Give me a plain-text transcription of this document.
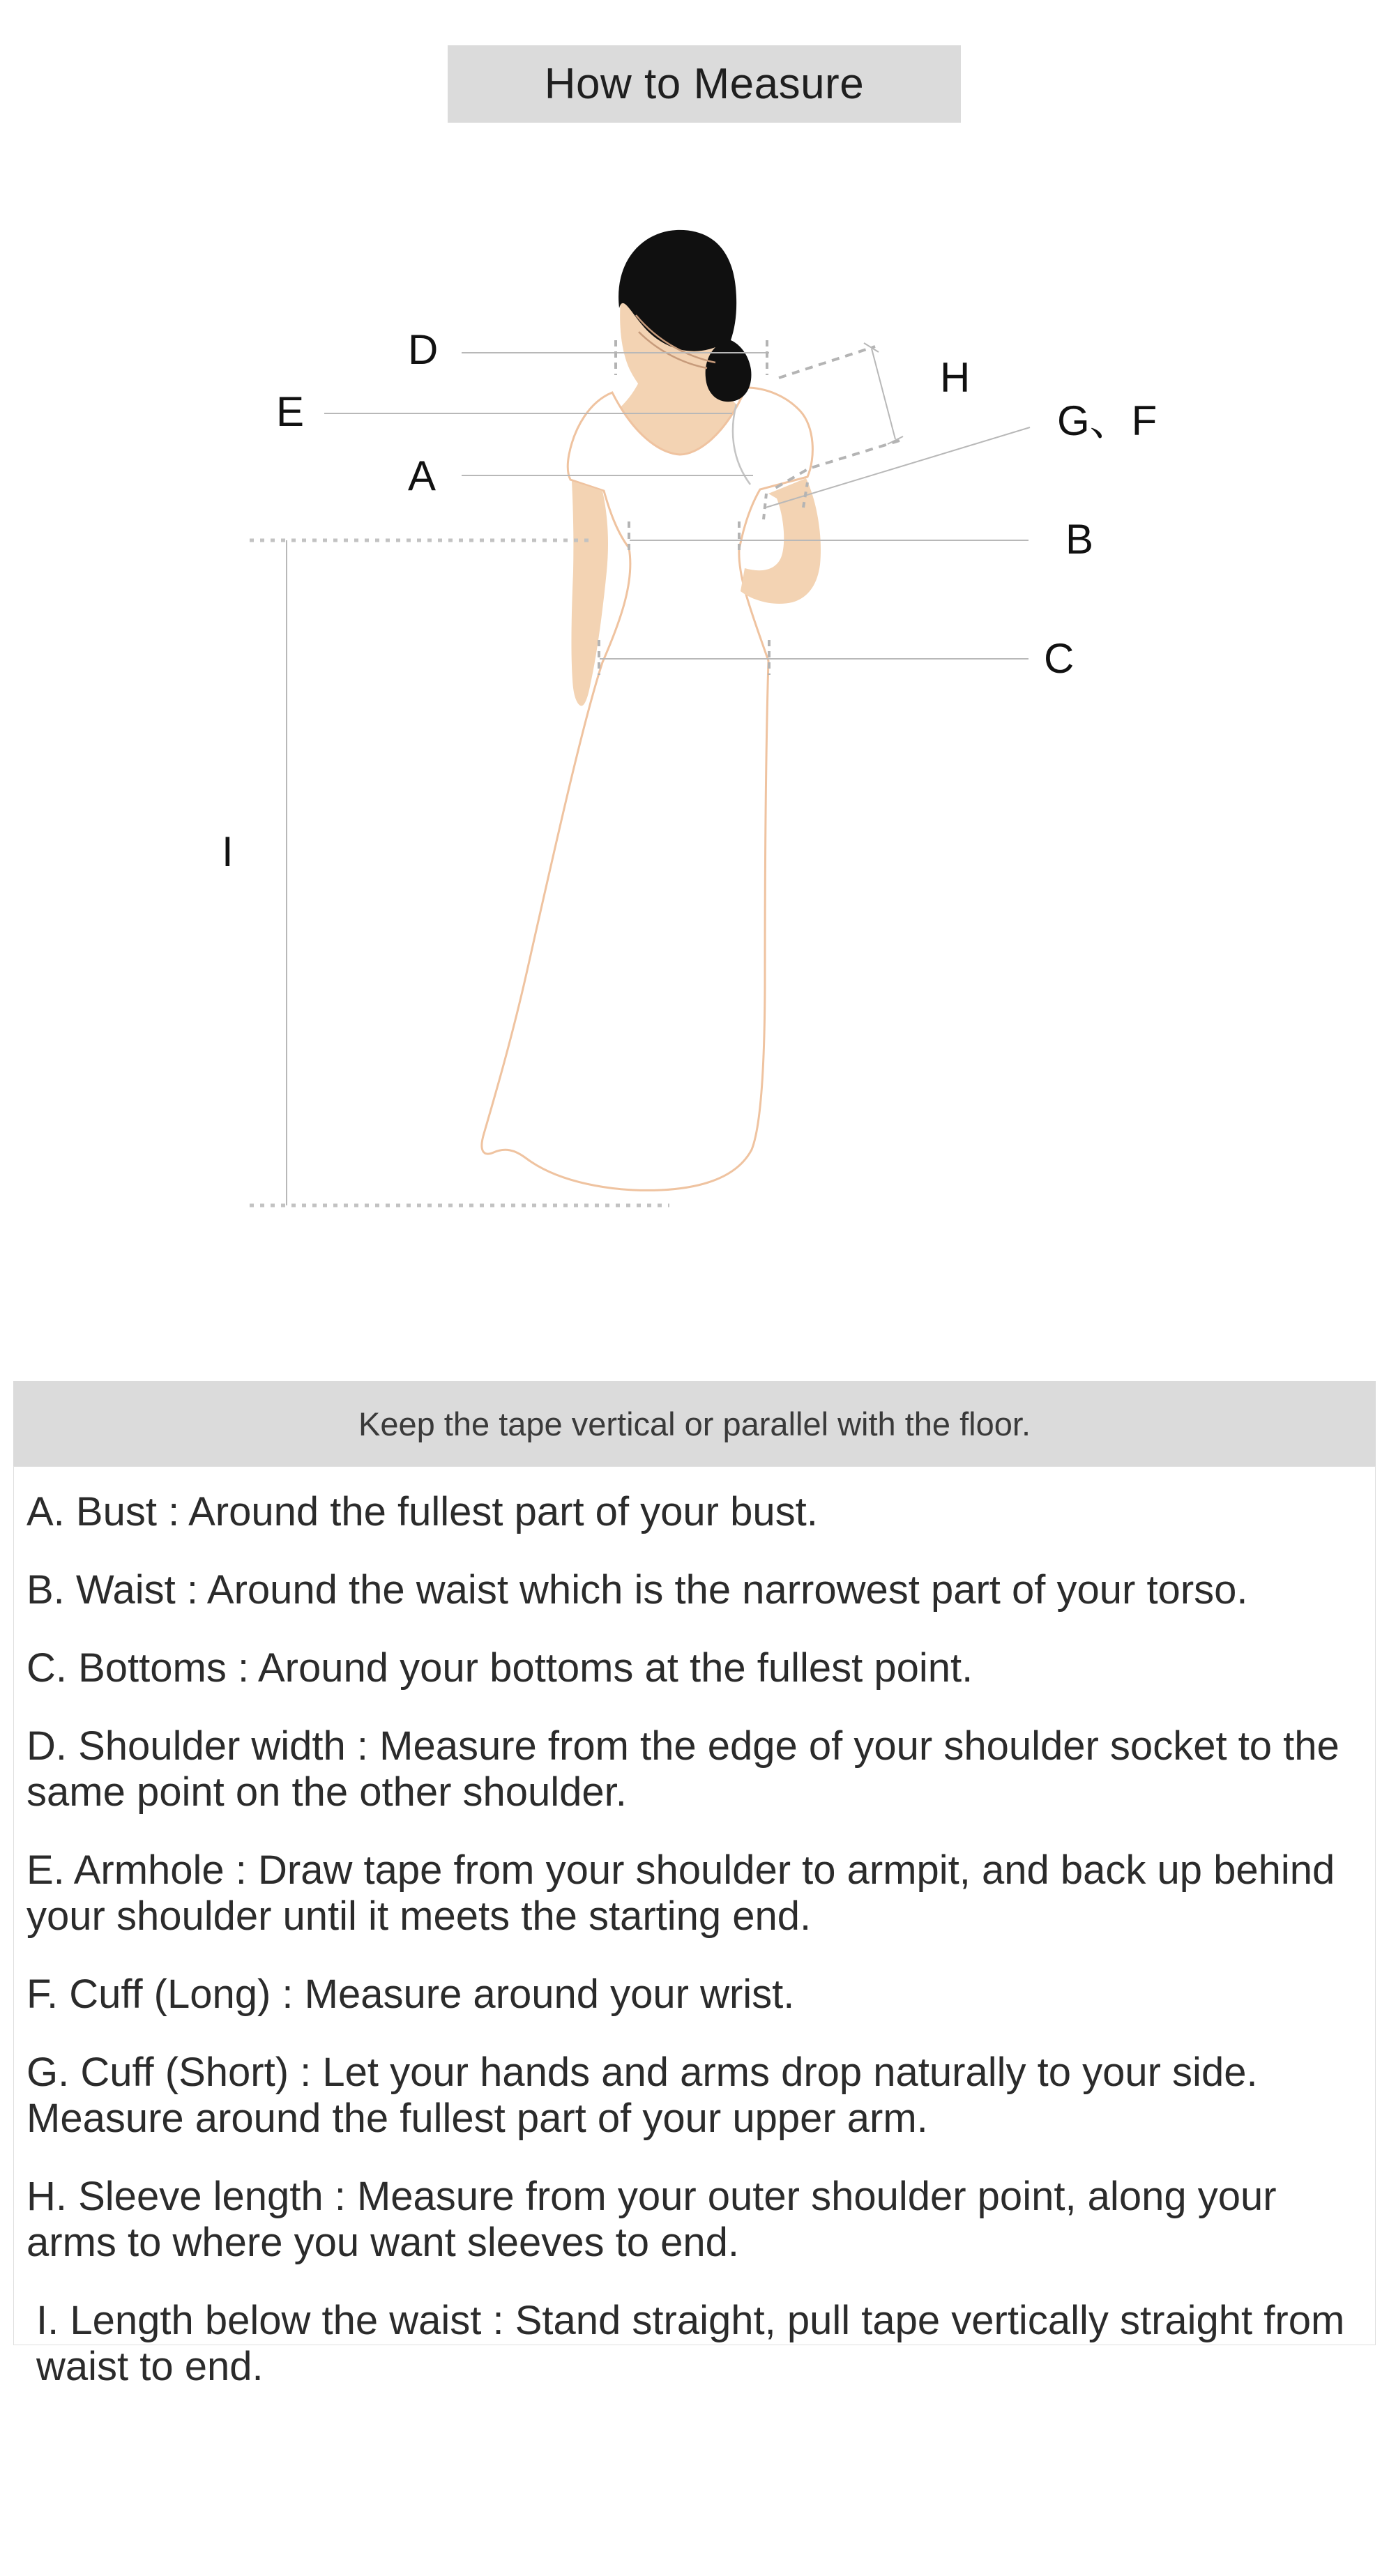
How to Measure
D
E
A
H
G、F
B
C
I
Keep the tape vertical or parallel with the floor.

A. Bust : Around the fullest part of your bust.

B. Waist : Around the waist which is the narrowest part of your torso.

C. Bottoms : Around your bottoms at the fullest point.

D. Shoulder width : Measure from the edge of your shoulder socket to the same point on the other shoulder.

E. Armhole : Draw tape from your shoulder to armpit, and back up behind your shoulder until it meets the starting end.

F. Cuff (Long) : Measure around your wrist.

G. Cuff (Short) : Let your hands and arms drop naturally to your side. Measure around the fullest part of your upper arm.

H. Sleeve length : Measure from your outer shoulder point, along your arms to where you want sleeves to end.

I. Length below the waist : Stand straight, pull tape vertically straight from waist to end.
